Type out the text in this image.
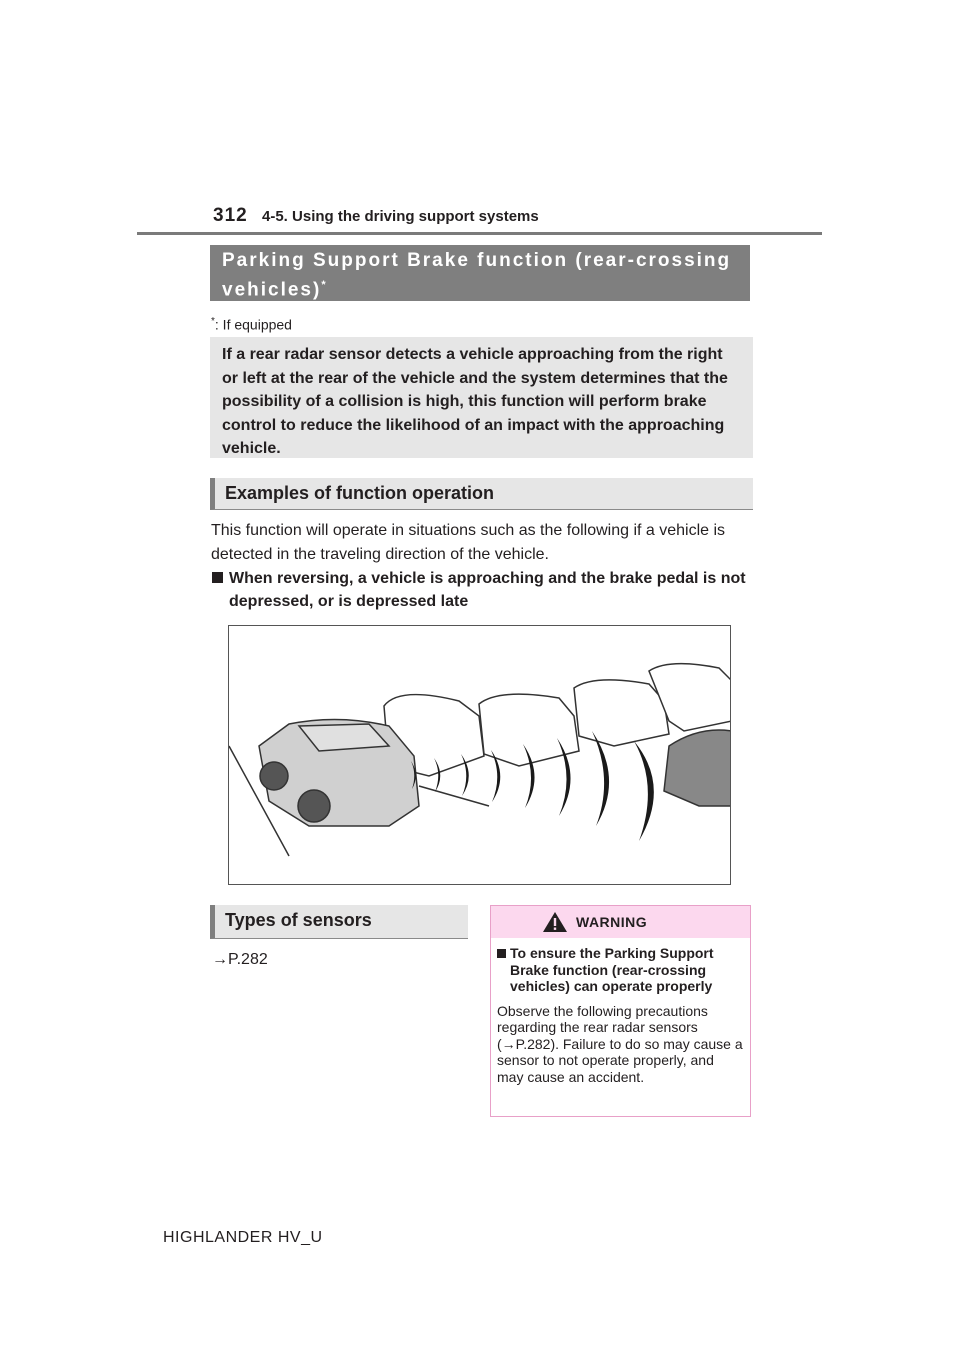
312 4-5. Using the driving support systems
Parking Support Brake function (rear-crossing vehicles)*
*: If equipped
If a rear radar sensor detects a vehicle approaching from the right or left at the rear of the vehicle and the system determines that the possibility of a collision is high, this function will perform brake control to reduce the likelihood of an impact with the approaching vehicle.
Examples of function operation
This function will operate in situations such as the following if a vehicle is detected in the traveling direction of the vehicle.
When reversing, a vehicle is approaching and the brake pedal is not depressed, or is depressed late
Types of sensors
→P.282
WARNING
To ensure the Parking Support Brake function (rear-crossing vehicles) can operate properly
Observe the following precautions regarding the rear radar sensors (→P.282). Failure to do so may cause a sensor to not operate properly, and may cause an accident.
HIGHLANDER HV_U
